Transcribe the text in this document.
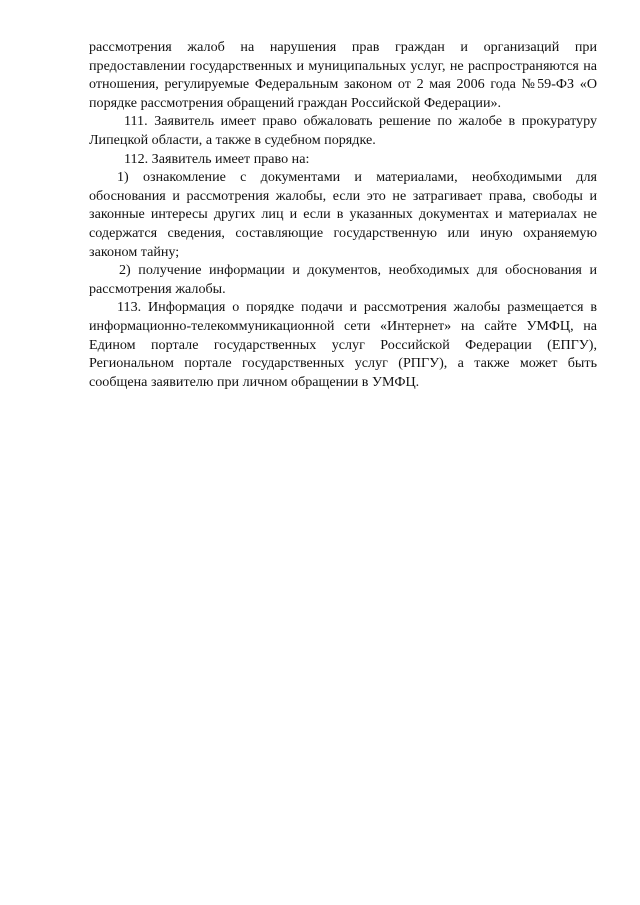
рассмотрения жалоб на нарушения прав граждан и организаций при предоставлении государственных и муниципальных услуг, не распространяются на отношения, регулируемые Федеральным законом от 2 мая 2006 года №59-ФЗ «О порядке рассмотрения обращений граждан Российской Федерации».

111. Заявитель имеет право обжаловать решение по жалобе в прокуратуру Липецкой области, а также в судебном порядке.

112. Заявитель имеет право на:

1) ознакомление с документами и материалами, необходимыми для обоснования и рассмотрения жалобы, если это не затрагивает права, свободы и законные интересы других лиц и если в указанных документах и материалах не содержатся сведения, составляющие государственную или иную охраняемую законом тайну;

2) получение информации и документов, необходимых для обоснования и рассмотрения жалобы.

113. Информация о порядке подачи и рассмотрения жалобы размещается в информационно-телекоммуникационной сети «Интернет» на сайте УМФЦ, на Едином портале государственных услуг Российской Федерации (ЕПГУ), Региональном портале государственных услуг (РПГУ), а также может быть сообщена заявителю при личном обращении в УМФЦ.
